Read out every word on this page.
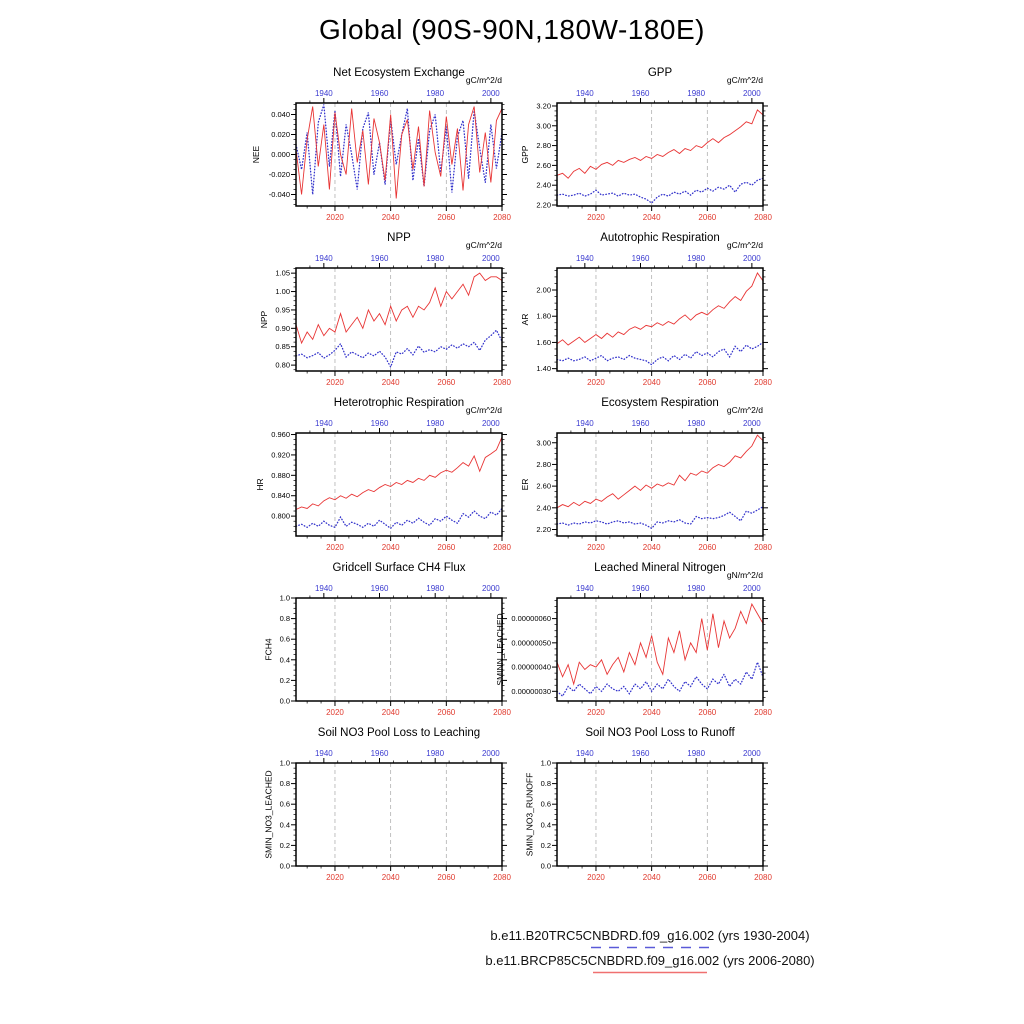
Global (90S-90N,180W-180E)
2020	2040	2060	2080
1940	1960	1980	2000
-0.040
-0.020
0.000
0.020
0.040
Net Ecosystem Exchange
gC/m^2/d
NEE
2020	2040	2060	2080
1940	1960	1980	2000
2.20
2.40
2.60
2.80
3.00
3.20
GPP
gC/m^2/d
GPP
2020	2040	2060	2080
1940	1960	1980	2000
0.80
0.85
0.90
0.95
1.00
1.05
NPP
gC/m^2/d
NPP
2020	2040	2060	2080
1940	1960	1980	2000
1.40
1.60
1.80
2.00
Autotrophic Respiration
gC/m^2/d
AR
2020	2040	2060	2080
1940	1960	1980	2000
0.800
0.840
0.880
0.920
0.960
Heterotrophic Respiration
gC/m^2/d
HR
2020	2040	2060	2080
1940	1960	1980	2000
2.20
2.40
2.60
2.80
3.00
Ecosystem Respiration
gC/m^2/d
ER
2020	2040	2060	2080
1940	1960	1980	2000
0.0
0.2
0.4
0.6
0.8
1.0
Gridcell Surface CH4 Flux
FCH4
2020	2040	2060	2080
1940	1960	1980	2000
0.00000030
0.00000040
0.00000050
0.00000060
Leached Mineral Nitrogen
gN/m^2/d
SMINN_LEACHED
2020	2040	2060	2080
1940	1960	1980	2000
0.0
0.2
0.4
0.6
0.8
1.0
Soil NO3 Pool Loss to Leaching
SMIN_NO3_LEACHED
2020	2040	2060	2080
1940	1960	1980	2000
0.0
0.2
0.4
0.6
0.8
1.0
Soil NO3 Pool Loss to Runoff
SMIN_NO3_RUNOFF
b.e11.B20TRC5CNBDRD.f09_g16.002 (yrs 1930-2004)
b.e11.BRCP85C5CNBDRD.f09_g16.002 (yrs 2006-2080)
